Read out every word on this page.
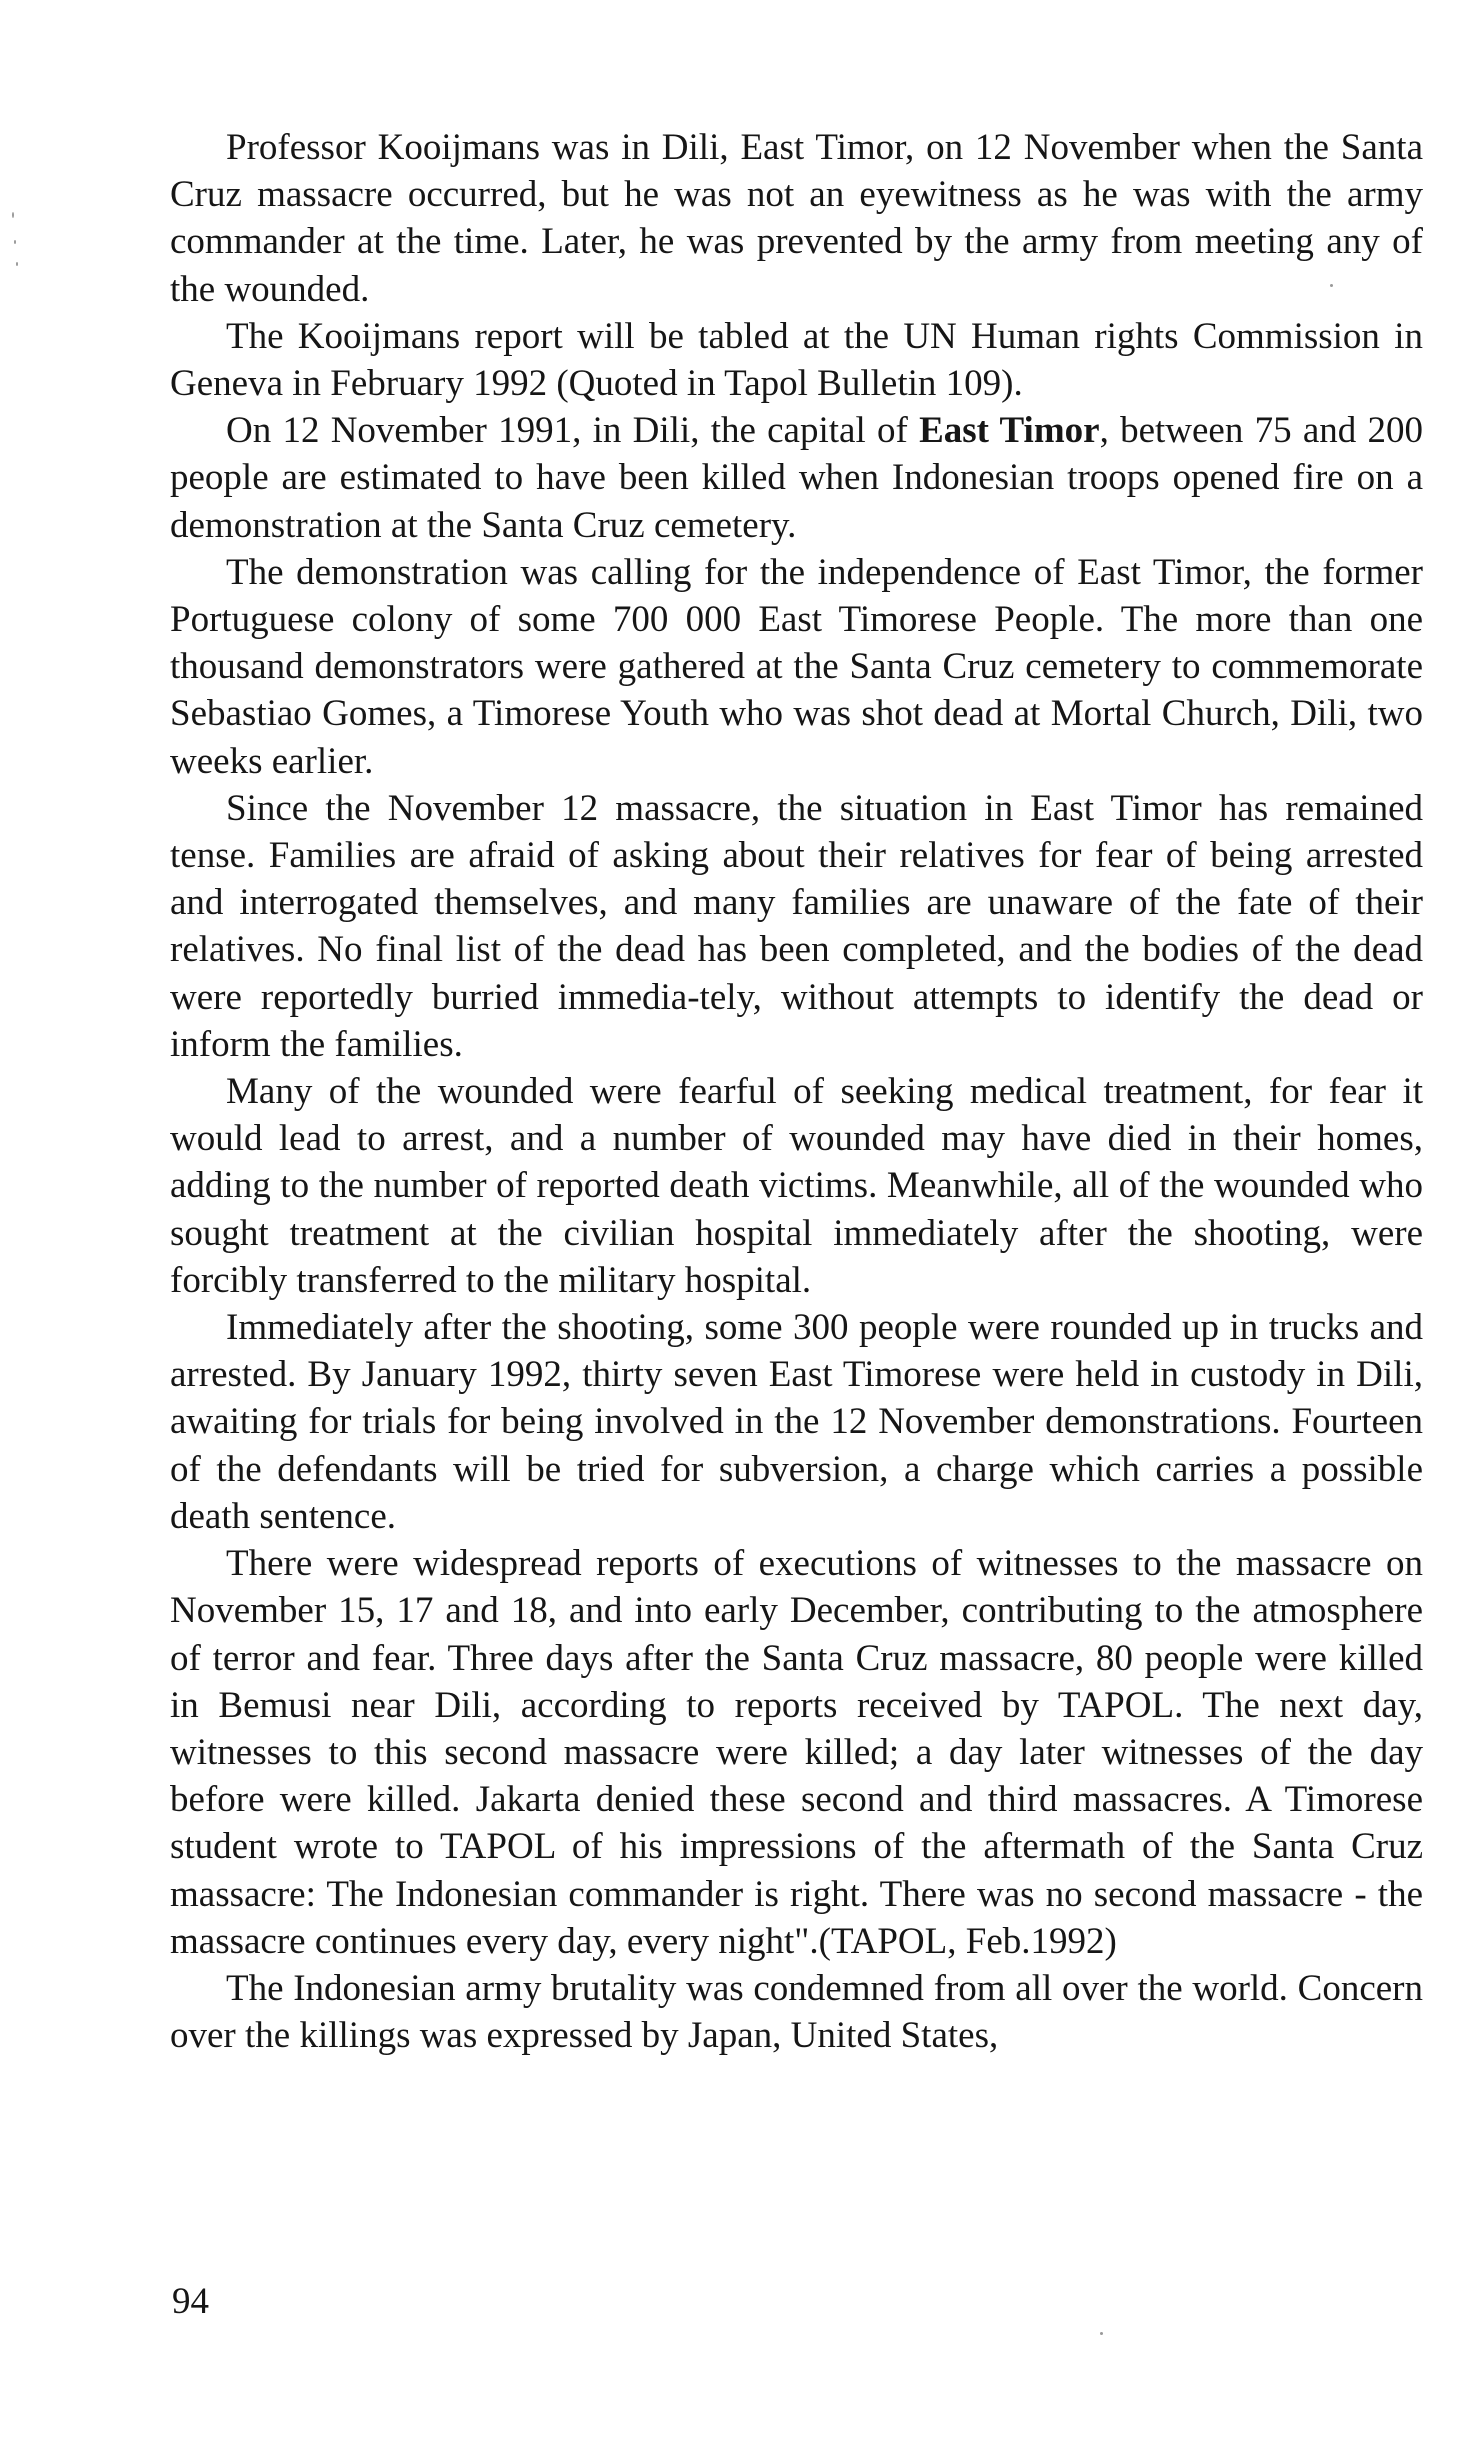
Professor Kooijmans was in Dili, East Timor, on 12 November when the Santa Cruz massacre occurred, but he was not an eyewitness as he was with the army commander at the time. Later, he was prevented by the army from meeting any of the wounded.

The Kooijmans report will be tabled at the UN Human rights Commission in Geneva in February 1992 (Quoted in Tapol Bulletin 109).

On 12 November 1991, in Dili, the capital of East Timor, between 75 and 200 people are estimated to have been killed when Indonesian troops opened fire on a demonstration at the Santa Cruz cemetery.

The demonstration was calling for the independence of East Timor, the former Portuguese colony of some 700 000 East Timorese People. The more than one thousand demonstrators were gathered at the Santa Cruz cemetery to commemorate Sebastiao Gomes, a Timorese Youth who was shot dead at Mortal Church, Dili, two weeks earlier.

Since the November 12 massacre, the situation in East Timor has remained tense. Families are afraid of asking about their relatives for fear of being arrested and interrogated themselves, and many families are unaware of the fate of their relatives. No final list of the dead has been completed, and the bodies of the dead were reportedly burried immedia-tely, without attempts to identify the dead or inform the families.

Many of the wounded were fearful of seeking medical treatment, for fear it would lead to arrest, and a number of wounded may have died in their homes, adding to the number of reported death victims. Meanwhile, all of the wounded who sought treatment at the civilian hospital immediately after the shooting, were forcibly transferred to the military hospital.

Immediately after the shooting, some 300 people were rounded up in trucks and arrested. By January 1992, thirty seven East Timorese were held in custody in Dili, awaiting for trials for being involved in the 12 November demonstrations. Fourteen of the defendants will be tried for subversion, a charge which carries a possible death sentence.

There were widespread reports of executions of witnesses to the massacre on November 15, 17 and 18, and into early December, contributing to the atmosphere of terror and fear. Three days after the Santa Cruz massacre, 80 people were killed in Bemusi near Dili, according to reports received by TAPOL. The next day, witnesses to this second massacre were killed; a day later witnesses of the day before were killed. Jakarta denied these second and third massacres. A Timorese student wrote to TAPOL of his impressions of the aftermath of the Santa Cruz massacre: The Indonesian commander is right. There was no second massacre - the massacre continues every day, every night".(TAPOL, Feb.1992)

The Indonesian army brutality was condemned from all over the world. Concern over the killings was expressed by Japan, United States,

94
